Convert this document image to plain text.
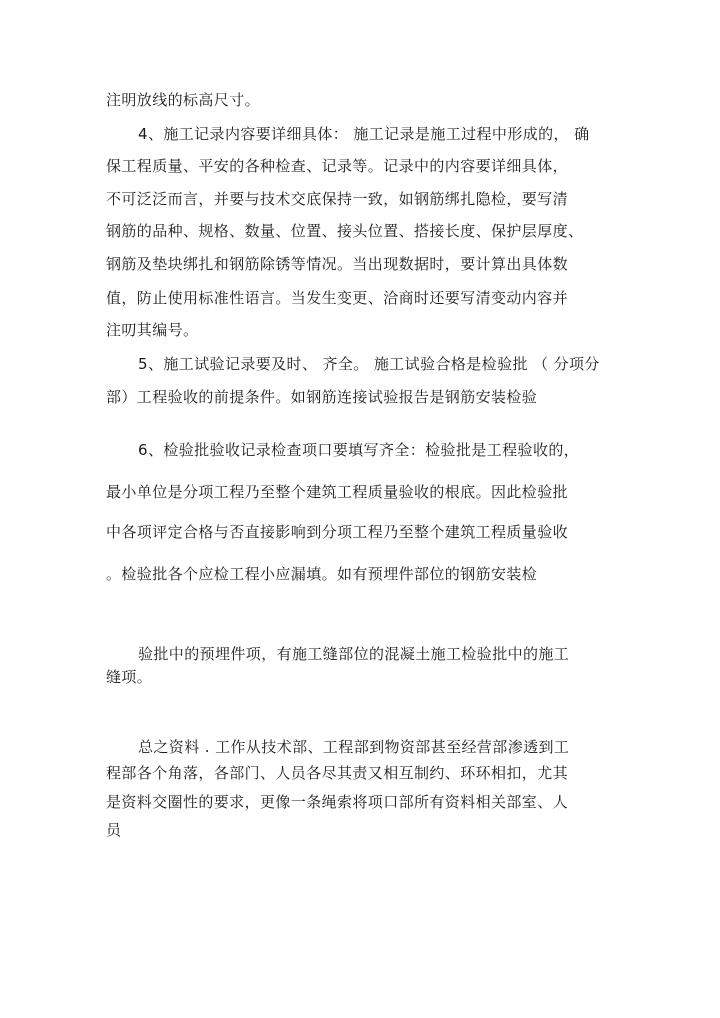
注明放线的标高尺寸。
4、施工记录内容要详细具体： 施工记录是施工过程中形成的， 确
保工程质量、平安的各种检查、记录等。记录中的内容要详细具体，
不可泛泛而言，并要与技术交底保持一致，如钢筋绑扎隐检，要写清
钢筋的品种、规格、数量、位置、接头位置、搭接长度、保护层厚度、
钢筋及垫块绑扎和钢筋除锈等情况。当出现数据时，要计算出具体数
值，防止使用标准性语言。当发生变更、洽商时还要写清变动内容并
注叨其编号。
5、施工试验记录要及时、 齐全。 施工试验合格是检验批 （ 分项分
部）工程验收的前提条件。如钢筋连接试验报告是钢筋安装检验
6、检验批验收记录检查项口要填写齐全：检验批是工程验收的，
最小单位是分项工程乃至整个建筑工程质量验收的根底。因此检验批
中各项评定合格与否直接影响到分项工程乃至整个建筑工程质量验收
。检验批各个应检工程小应漏填。如有预埋件部位的钢筋安装检
验批中的预埋件项，有施工缝部位的混凝土施工检验批中的施工
缝项。
总之资料 . 工作从技术部、工程部到物资部甚至经营部渗透到工
程部各个角落，各部门、人员各尽其责又相互制约、环环相扣，尤其
是资料交圈性的要求，更像一条绳索将项口部所有资料相关部室、人
员
